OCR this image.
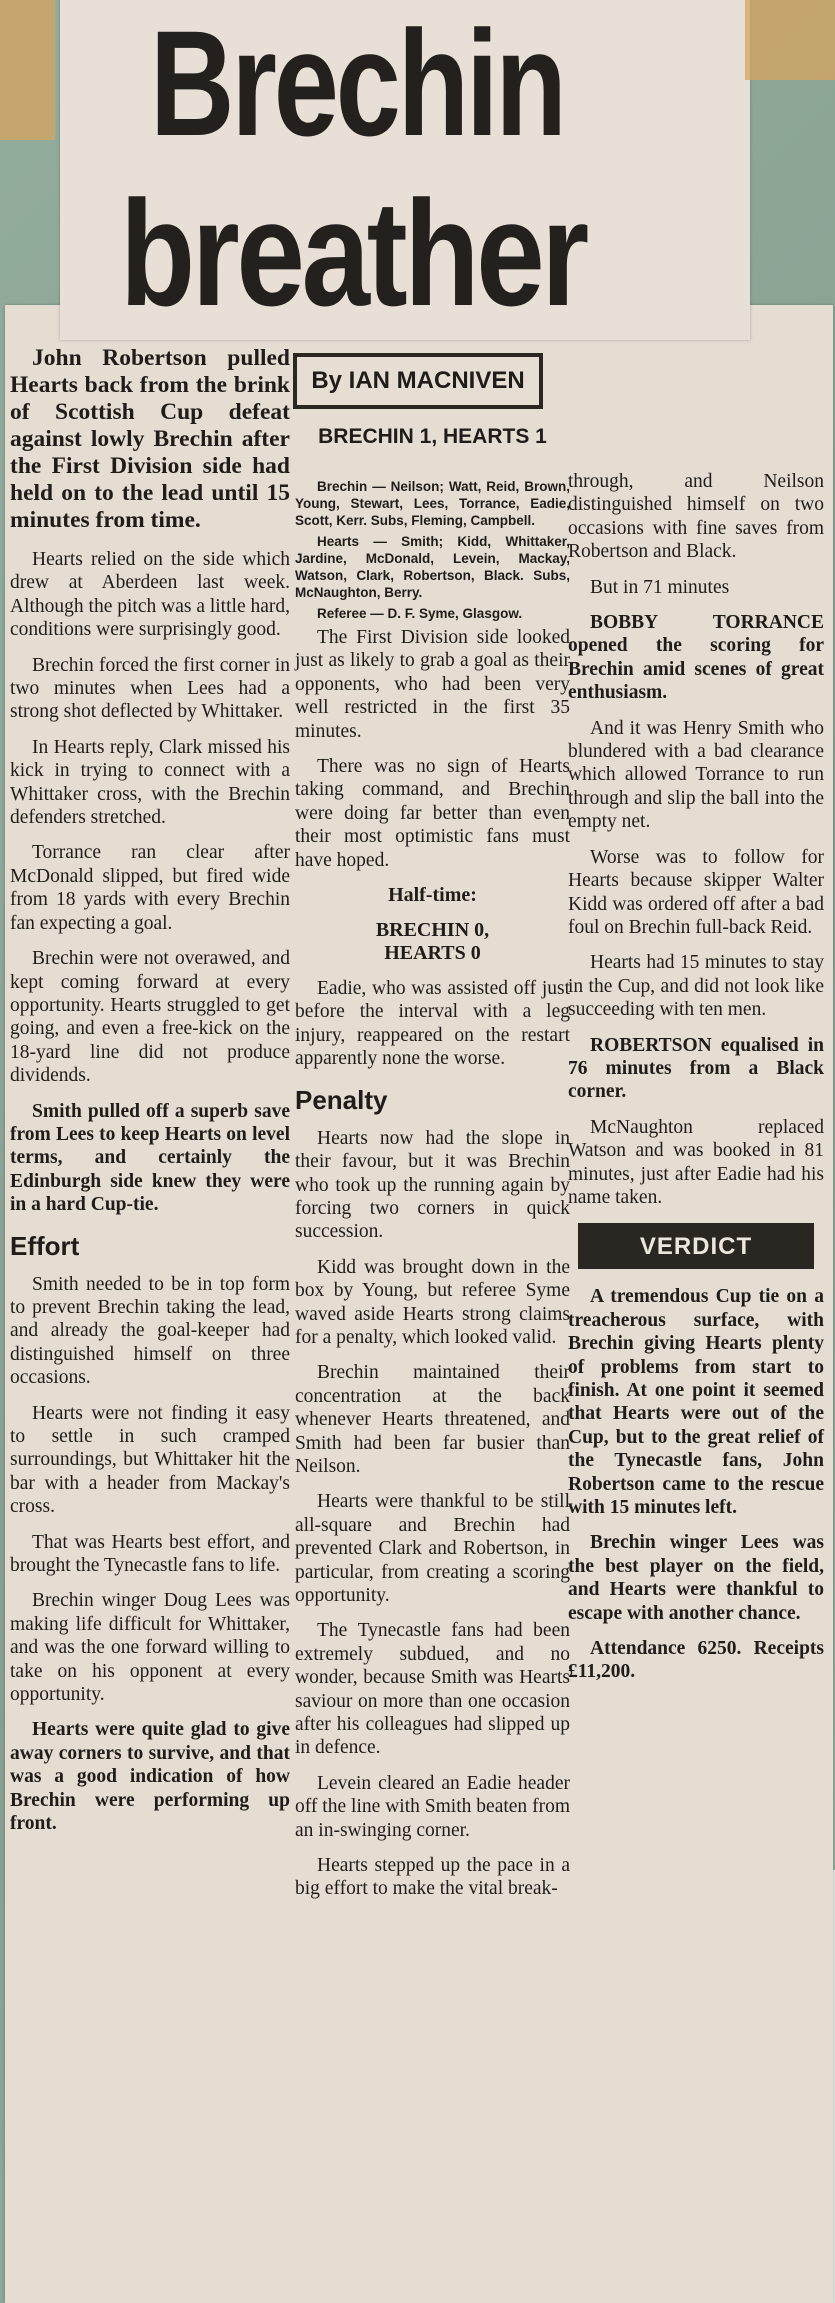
Brechin
breather
By IAN MACNIVEN
BRECHIN 1, HEARTS 1

John Robertson pulled Hearts back from the brink of Scottish Cup defeat against lowly Brechin after the First Division side had held on to the lead until 15 minutes from time.

Hearts relied on the side which drew at Aberdeen last week. Although the pitch was a little hard, conditions were surprisingly good.

Brechin forced the first corner in two minutes when Lees had a strong shot deflected by Whittaker.

In Hearts reply, Clark missed his kick in trying to connect with a Whittaker cross, with the Brechin defenders stretched.

Torrance ran clear after McDonald slipped, but fired wide from 18 yards with every Brechin fan expecting a goal.

Brechin were not overawed, and kept coming forward at every opportunity. Hearts struggled to get going, and even a free-kick on the 18-yard line did not produce dividends.

Smith pulled off a superb save from Lees to keep Hearts on level terms, and certainly the Edinburgh side knew they were in a hard Cup-tie.

Effort

Smith needed to be in top form to prevent Brechin taking the lead, and already the goal-keeper had distinguished himself on three occasions.

Hearts were not finding it easy to settle in such cramped surroundings, but Whittaker hit the bar with a header from Mackay's cross.

That was Hearts best effort, and brought the Tynecastle fans to life.

Brechin winger Doug Lees was making life difficult for Whittaker, and was the one forward willing to take on his opponent at every opportunity.

Hearts were quite glad to give away corners to survive, and that was a good indication of how Brechin were performing up front.

Brechin — Neilson; Watt, Reid, Brown, Young, Stewart, Lees, Torrance, Eadie, Scott, Kerr. Subs, Fleming, Campbell.

Hearts — Smith; Kidd, Whittaker, Jardine, McDonald, Levein, Mackay, Watson, Clark, Robertson, Black. Subs, McNaughton, Berry.

Referee — D. F. Syme, Glasgow.

The First Division side looked just as likely to grab a goal as their opponents, who had been very well restricted in the first 35 minutes.

There was no sign of Hearts taking command, and Brechin were doing far better than even their most optimistic fans must have hoped.

Half-time:

BRECHIN 0,

HEARTS 0

Eadie, who was assisted off just before the interval with a leg injury, reappeared on the restart apparently none the worse.

Penalty

Hearts now had the slope in their favour, but it was Brechin who took up the running again by forcing two corners in quick succession.

Kidd was brought down in the box by Young, but referee Syme waved aside Hearts strong claims for a penalty, which looked valid.

Brechin maintained their concentration at the back whenever Hearts threatened, and Smith had been far busier than Neilson.

Hearts were thankful to be still all-square and Brechin had prevented Clark and Robertson, in particular, from creating a scoring opportunity.

The Tynecastle fans had been extremely subdued, and no wonder, because Smith was Hearts saviour on more than one occasion after his colleagues had slipped up in defence.

Levein cleared an Eadie header off the line with Smith beaten from an in-swinging corner.

Hearts stepped up the pace in a big effort to make the vital break-

through, and Neilson distinguished himself on two occasions with fine saves from Robertson and Black.

But in 71 minutes

BOBBY TORRANCE opened the scoring for Brechin amid scenes of great enthusiasm.

And it was Henry Smith who blundered with a bad clearance which allowed Torrance to run through and slip the ball into the empty net.

Worse was to follow for Hearts because skipper Walter Kidd was ordered off after a bad foul on Brechin full-back Reid.

Hearts had 15 minutes to stay in the Cup, and did not look like succeeding with ten men.

ROBERTSON equalised in 76 minutes from a Black corner.

McNaughton replaced Watson and was booked in 81 minutes, just after Eadie had his name taken.

VERDICT

A tremendous Cup tie on a treacherous surface, with Brechin giving Hearts plenty of problems from start to finish. At one point it seemed that Hearts were out of the Cup, but to the great relief of the Tynecastle fans, John Robertson came to the rescue with 15 minutes left.

Brechin winger Lees was the best player on the field, and Hearts were thankful to escape with another chance.

Attendance 6250. Receipts £11,200.
